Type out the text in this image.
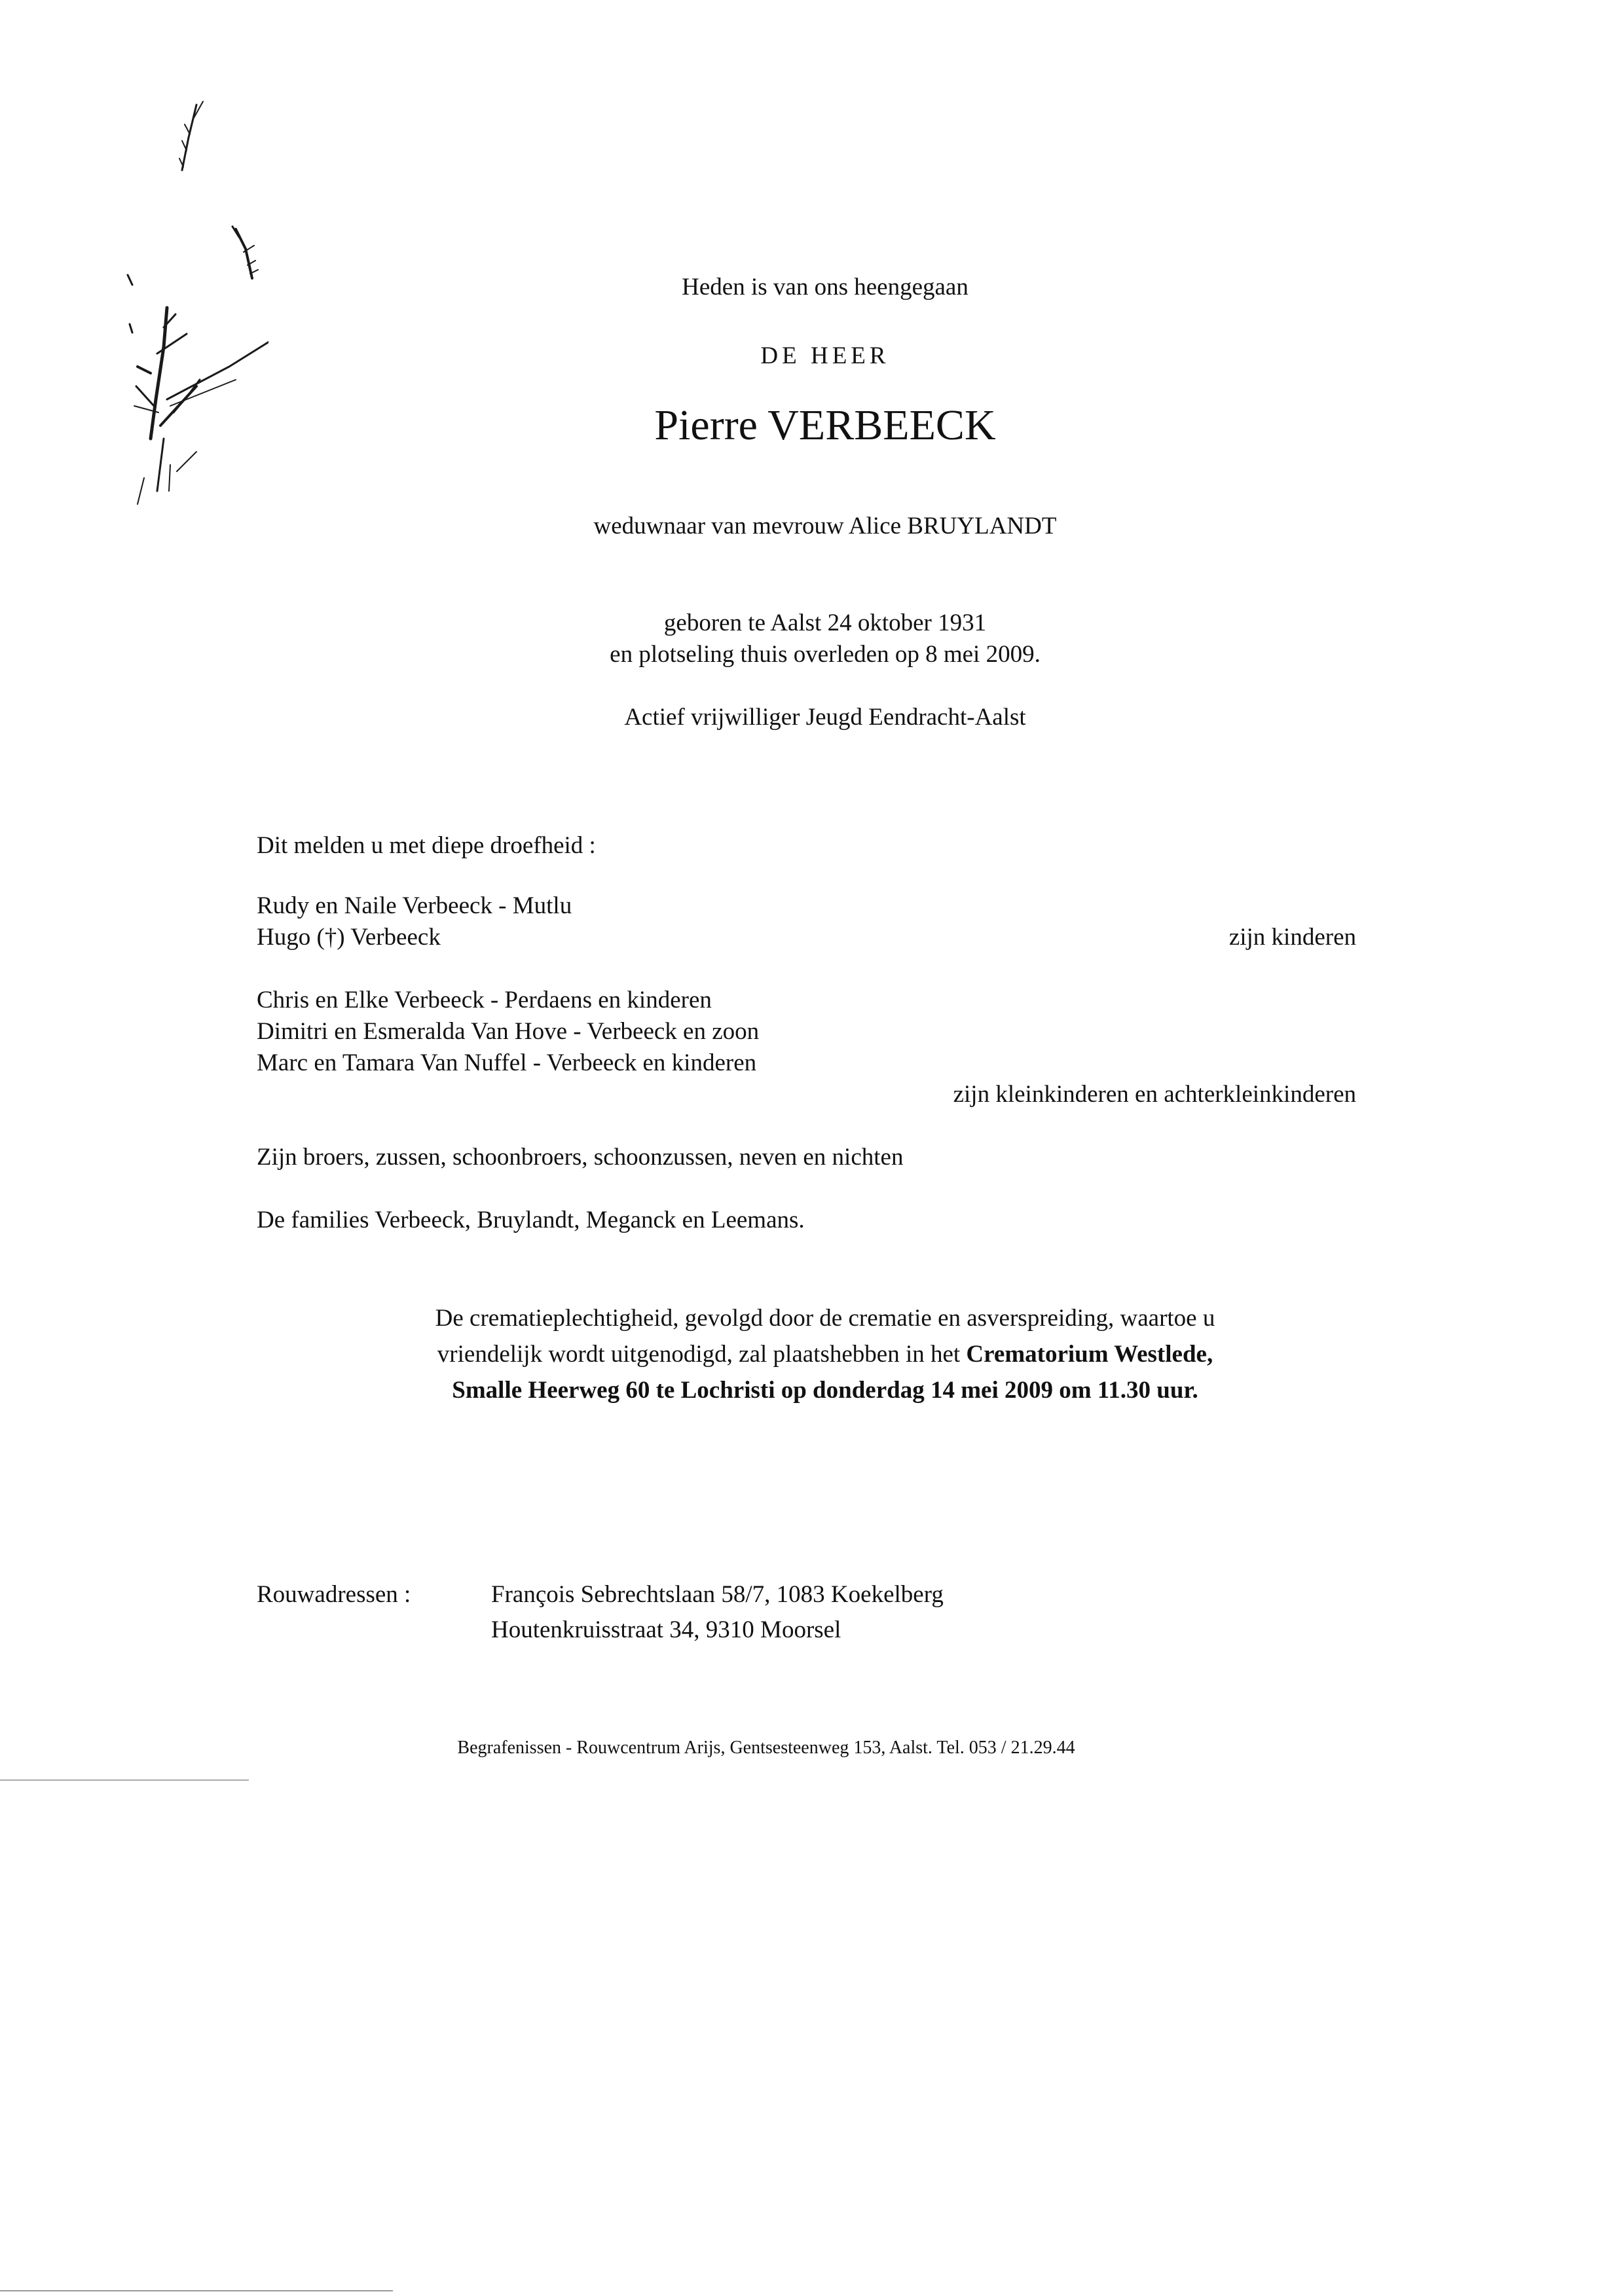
Heden is van ons heengegaan
DE HEER
Pierre VERBEECK
weduwnaar van mevrouw Alice BRUYLANDT
geboren te Aalst 24 oktober 1931
en plotseling thuis overleden op 8 mei 2009.
Actief vrijwilliger Jeugd Eendracht-Aalst
Dit melden u met diepe droefheid :
Rudy en Naile Verbeeck - Mutlu
Hugo (†) Verbeeck	zijn kinderen
Chris en Elke Verbeeck - Perdaens en kinderen
Dimitri en Esmeralda Van Hove - Verbeeck en zoon
Marc en Tamara Van Nuffel - Verbeeck en kinderen
zijn kleinkinderen en achterkleinkinderen
Zijn broers, zussen, schoonbroers, schoonzussen, neven en nichten
De families Verbeeck, Bruylandt, Meganck en Leemans.
De crematieplechtigheid, gevolgd door de crematie en asverspreiding, waartoe u
vriendelijk wordt uitgenodigd, zal plaatshebben in het Crematorium Westlede,
Smalle Heerweg 60 te Lochristi op donderdag 14 mei 2009 om 11.30 uur.
Rouwadressen :	François Sebrechtslaan 58/7, 1083 Koekelberg
Houtenkruisstraat 34, 9310 Moorsel
Begrafenissen - Rouwcentrum Arijs, Gentsesteenweg 153, Aalst. Tel. 053 / 21.29.44
